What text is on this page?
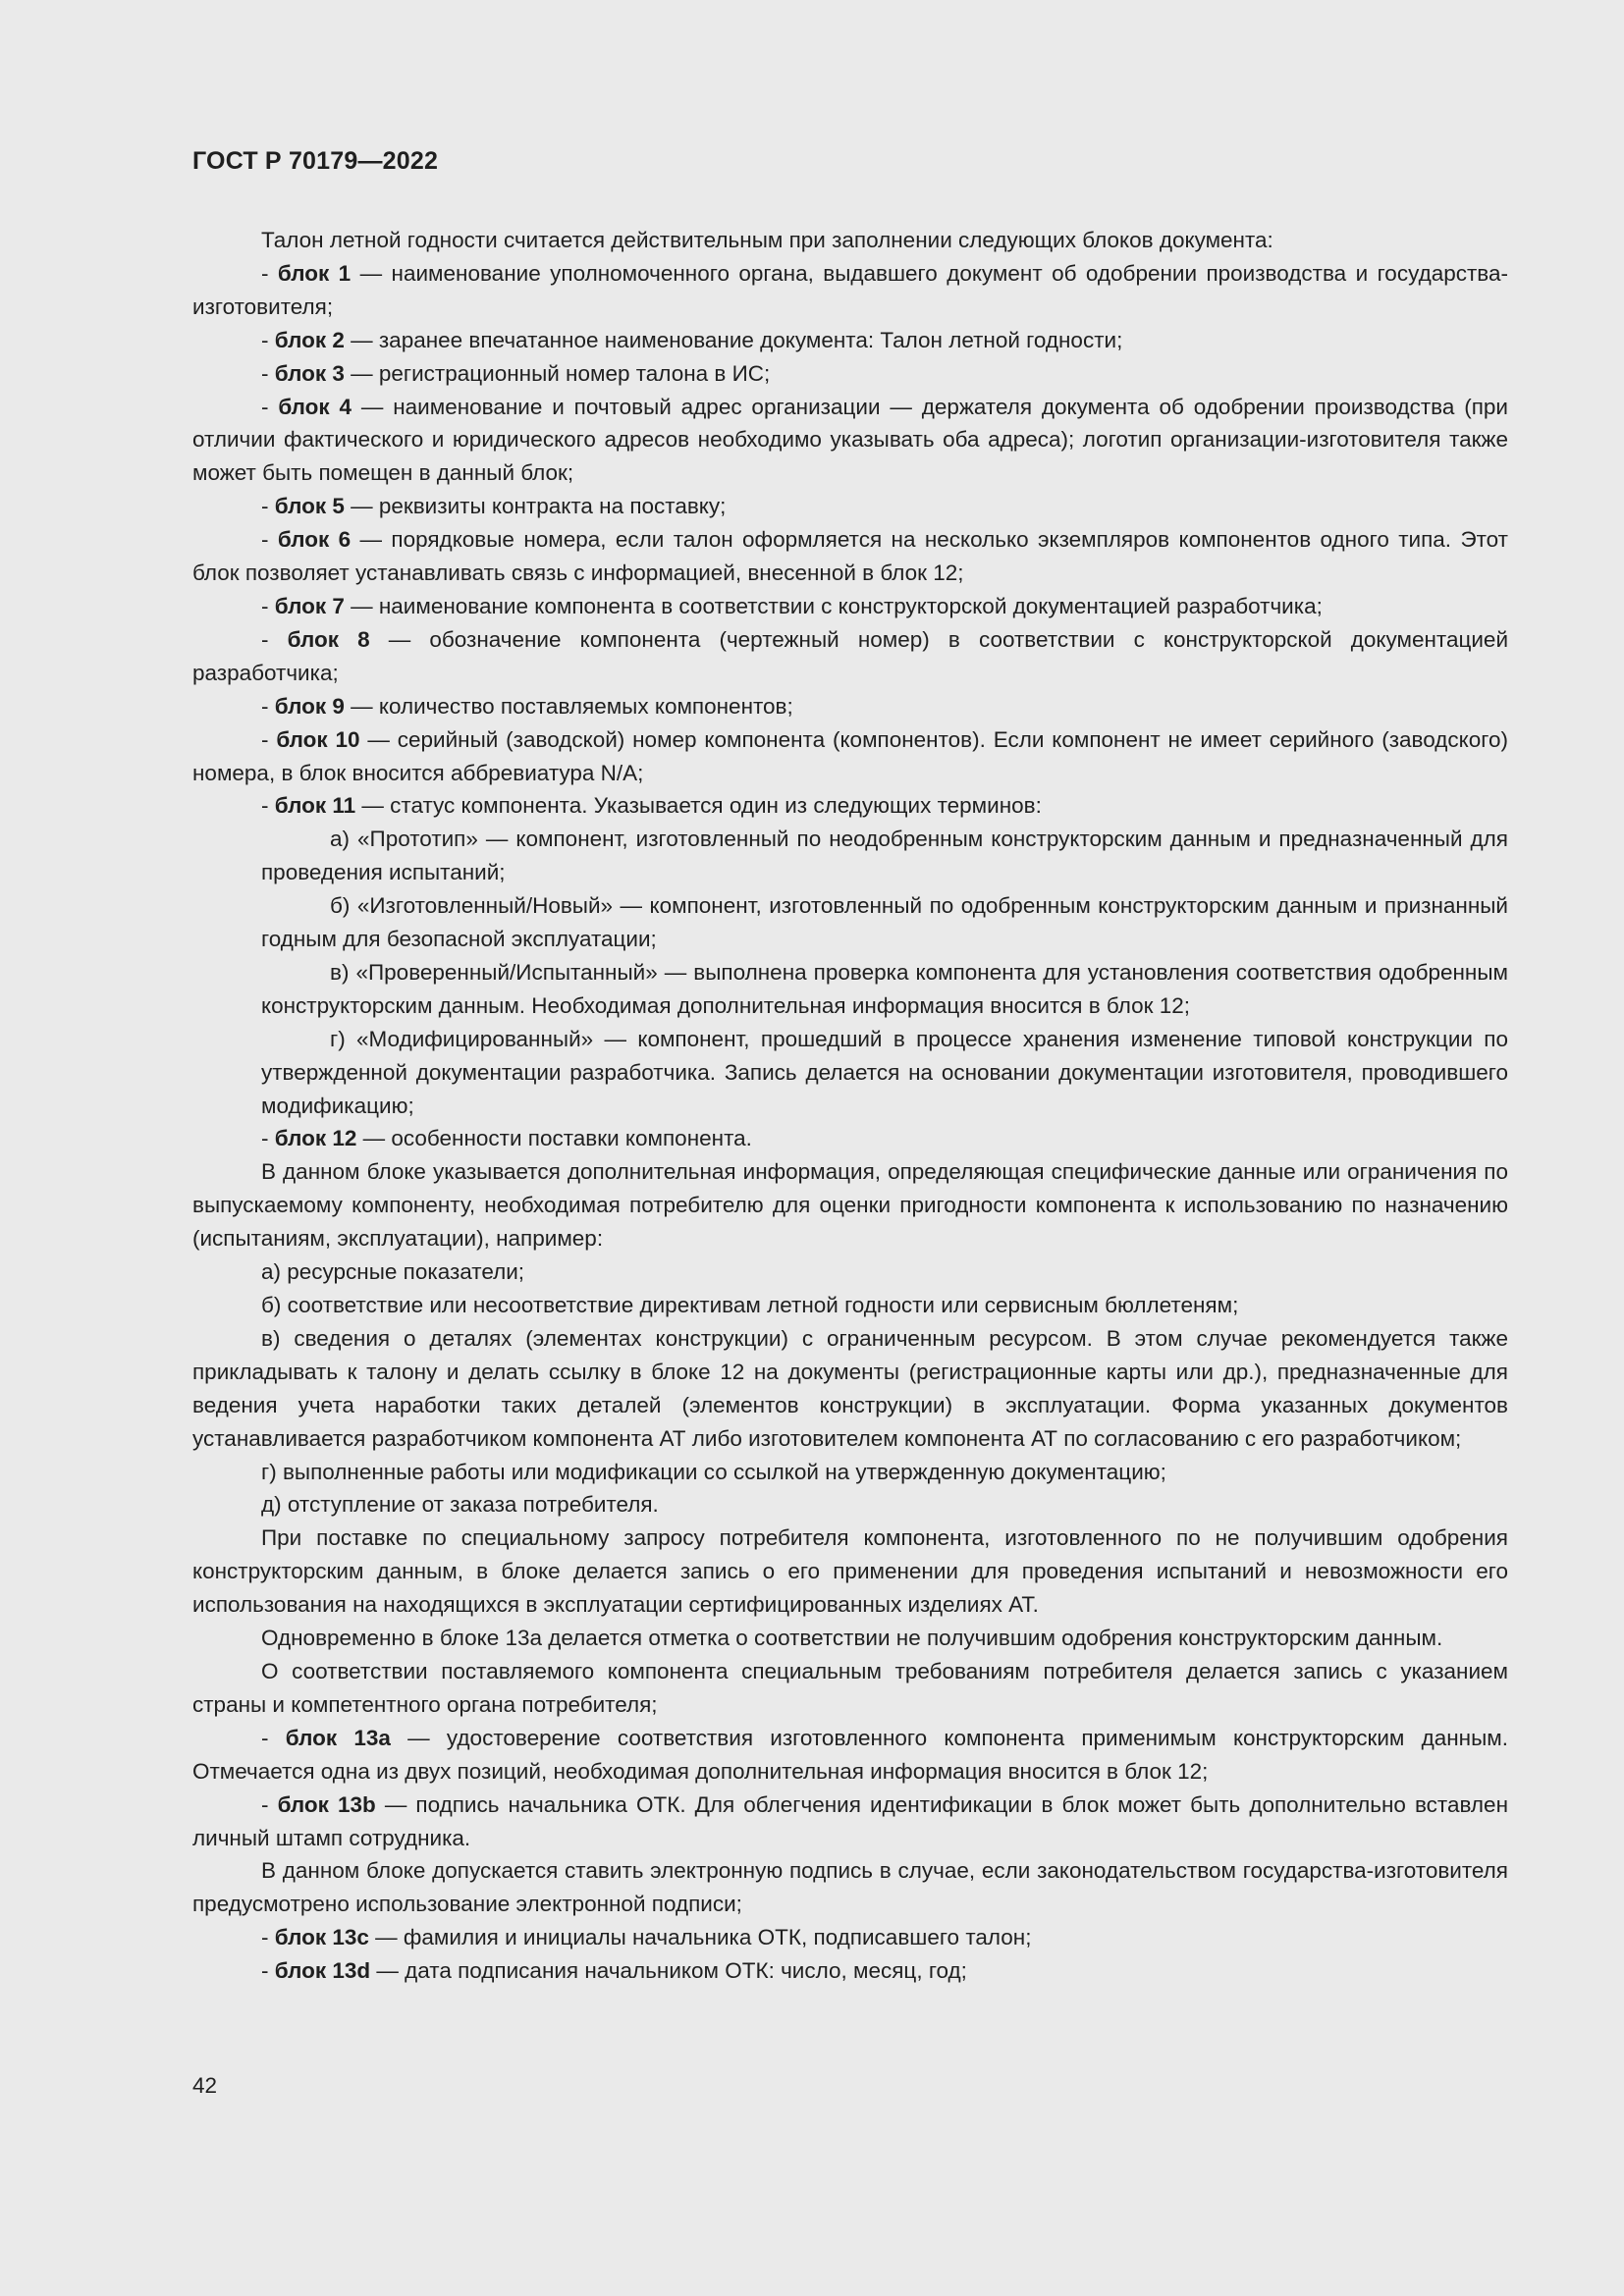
ГОСТ Р 70179—2022

Талон летной годности считается действительным при заполнении следующих блоков документа:

- блок 1 — наименование уполномоченного органа, выдавшего документ об одобрении производства и государства-изготовителя;

- блок 2 — заранее впечатанное наименование документа: Талон летной годности;

- блок 3 — регистрационный номер талона в ИС;

- блок 4 — наименование и почтовый адрес организации — держателя документа об одобрении производства (при отличии фактического и юридического адресов необходимо указывать оба адреса); логотип организации-изготовителя также может быть помещен в данный блок;

- блок 5 — реквизиты контракта на поставку;

- блок 6 — порядковые номера, если талон оформляется на несколько экземпляров компонентов одного типа. Этот блок позволяет устанавливать связь с информацией, внесенной в блок 12;

- блок 7 — наименование компонента в соответствии с конструкторской документацией разработчика;

- блок 8 — обозначение компонента (чертежный номер) в соответствии с конструкторской документацией разработчика;

- блок 9 — количество поставляемых компонентов;

- блок 10 — серийный (заводской) номер компонента (компонентов). Если компонент не имеет серийного (заводского) номера, в блок вносится аббревиатура N/A;

- блок 11 — статус компонента. Указывается один из следующих терминов:

а) «Прототип» — компонент, изготовленный по неодобренным конструкторским данным и предназначенный для проведения испытаний;

б) «Изготовленный/Новый» — компонент, изготовленный по одобренным конструкторским данным и признанный годным для безопасной эксплуатации;

в) «Проверенный/Испытанный» — выполнена проверка компонента для установления соответствия одобренным конструкторским данным. Необходимая дополнительная информация вносится в блок 12;

г) «Модифицированный» — компонент, прошедший в процессе хранения изменение типовой конструкции по утвержденной документации разработчика. Запись делается на основании документации изготовителя, проводившего модификацию;

- блок 12 — особенности поставки компонента.

В данном блоке указывается дополнительная информация, определяющая специфические данные или ограничения по выпускаемому компоненту, необходимая потребителю для оценки пригодности компонента к использованию по назначению (испытаниям, эксплуатации), например:

а) ресурсные показатели;

б) соответствие или несоответствие директивам летной годности или сервисным бюллетеням;

в) сведения о деталях (элементах конструкции) с ограниченным ресурсом. В этом случае рекомендуется также прикладывать к талону и делать ссылку в блоке 12 на документы (регистрационные карты или др.), предназначенные для ведения учета наработки таких деталей (элементов конструкции) в эксплуатации. Форма указанных документов устанавливается разработчиком компонента АТ либо изготовителем компонента АТ по согласованию с его разработчиком;

г) выполненные работы или модификации со ссылкой на утвержденную документацию;

д) отступление от заказа потребителя.

При поставке по специальному запросу потребителя компонента, изготовленного по не получившим одобрения конструкторским данным, в блоке делается запись о его применении для проведения испытаний и невозможности его использования на находящихся в эксплуатации сертифицированных изделиях АТ.

Одновременно в блоке 13а делается отметка о соответствии не получившим одобрения конструкторским данным.

О соответствии поставляемого компонента специальным требованиям потребителя делается запись с указанием страны и компетентного органа потребителя;

- блок 13a — удостоверение соответствия изготовленного компонента применимым конструкторским данным. Отмечается одна из двух позиций, необходимая дополнительная информация вносится в блок 12;

- блок 13b — подпись начальника ОТК. Для облегчения идентификации в блок может быть дополнительно вставлен личный штамп сотрудника.

В данном блоке допускается ставить электронную подпись в случае, если законодательством государства-изготовителя предусмотрено использование электронной подписи;

- блок 13c — фамилия и инициалы начальника ОТК, подписавшего талон;

- блок 13d — дата подписания начальником ОТК: число, месяц, год;

42
